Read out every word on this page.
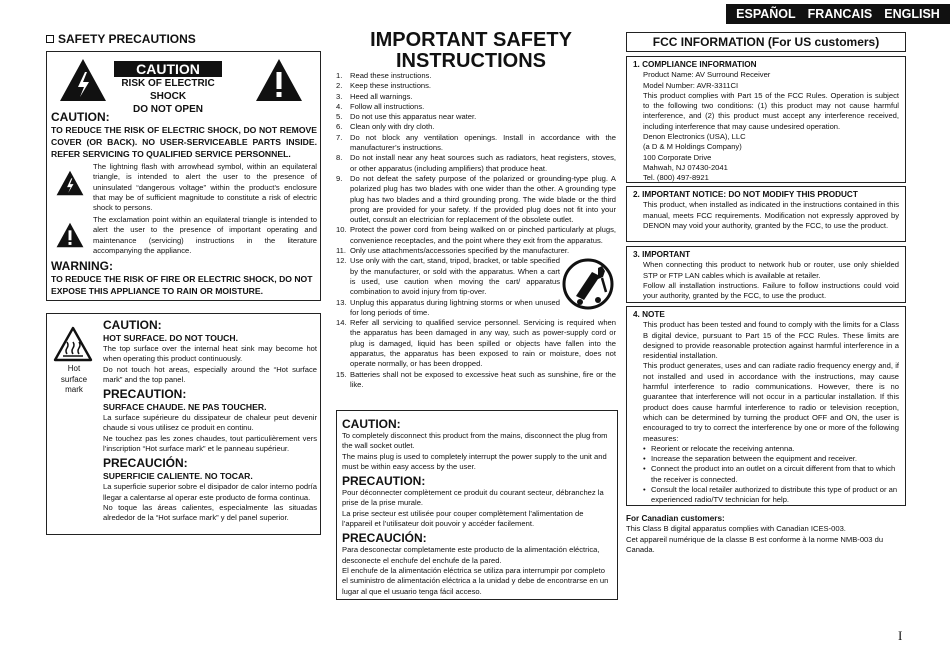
ESPAÑOL FRANCAIS ENGLISH
SAFETY PRECAUTIONS
CAUTION
RISK OF ELECTRIC SHOCK
DO NOT OPEN
CAUTION:
TO REDUCE THE RISK OF ELECTRIC SHOCK, DO NOT REMOVE COVER (OR BACK). NO USER-SERVICEABLE PARTS INSIDE. REFER SERVICING TO QUALIFIED SERVICE PERSONNEL.
The lightning flash with arrowhead symbol, within an equilateral triangle, is intended to alert the user to the presence of uninsulated “dangerous voltage” within the product’s enclosure that may be of sufficient magnitude to constitute a risk of electric shock to persons.
The exclamation point within an equilateral triangle is intended to alert the user to the presence of important operating and maintenance (servicing) instructions in the literature accompanying the appliance.
WARNING:
TO REDUCE THE RISK OF FIRE OR ELECTRIC SHOCK, DO NOT EXPOSE THIS APPLIANCE TO RAIN OR MOISTURE.
Hot
surface
mark
CAUTION:
HOT SURFACE. DO NOT TOUCH.
The top surface over the internal heat sink may become hot when operating this product continuously.
Do not touch hot areas, especially around the “Hot surface mark” and the top panel.
PRECAUTION:
SURFACE CHAUDE. NE PAS TOUCHER.
La surface supérieure du dissipateur de chaleur peut devenir chaude si vous utilisez ce produit en continu.
Ne touchez pas les zones chaudes, tout particulièrement vers l’inscription “Hot surface mark” et le panneau supérieur.
PRECAUCIÓN:
SUPERFICIE CALIENTE. NO TOCAR.
La superficie superior sobre el disipador de calor interno podría llegar a calentarse al operar este producto de forma continua.
No toque las áreas calientes, especialmente las situadas alrededor de la “Hot surface mark” y del panel superior.
IMPORTANT SAFETY
INSTRUCTIONS
1.	Read these instructions.
2.	Keep these instructions.
3.	Heed all warnings.
4.	Follow all instructions.
5.	Do not use this apparatus near water.
6.	Clean only with dry cloth.
7.	Do not block any ventilation openings. Install in accordance with the manufacturer’s instructions.
8.	Do not install near any heat sources such as radiators, heat registers, stoves, or other apparatus (including amplifiers) that produce heat.
9.	Do not defeat the safety purpose of the polarized or grounding-type plug. A polarized plug has two blades with one wider than the other. A grounding type plug has two blades and a third grounding prong. The wide blade or the third prong are provided for your safety. If the provided plug does not fit into your outlet, consult an electrician for replacement of the obsolete outlet.
10. Protect the power cord from being walked on or pinched particularly at plugs, convenience receptacles, and the point where they exit from the apparatus.
11. Only use attachments/accessories specified by the manufacturer.
12. Use only with the cart, stand, tripod, bracket, or table specified by the manufacturer, or sold with the apparatus. When a cart is used, use caution when moving the cart/ apparatus combination to avoid injury from tip-over.
13. Unplug this apparatus during lightning storms or when unused for long periods of time.
14. Refer all servicing to qualified service personnel. Servicing is required when the apparatus has been damaged in any way, such as power-supply cord or plug is damaged, liquid has been spilled or objects have fallen into the apparatus, the apparatus has been exposed to rain or moisture, does not operate normally, or has been dropped.
15. Batteries shall not be exposed to excessive heat such as sunshine, fire or the like.
CAUTION:
To completely disconnect this product from the mains, disconnect the plug from the wall socket outlet.
The mains plug is used to completely interrupt the power supply to the unit and must be within easy access by the user.
PRECAUTION:
Pour déconnecter complètement ce produit du courant secteur, débranchez la prise de la prise murale.
La prise secteur est utilisée pour couper complètement l’alimentation de l’appareil et l’utilisateur doit pouvoir y accéder facilement.
PRECAUCIÓN:
Para desconectar completamente este producto de la alimentación eléctrica, desconecte el enchufe del enchufe de la pared.
El enchufe de la alimentación eléctrica se utiliza para interrumpir por completo el suministro de alimentación eléctrica a la unidad y debe de encontrarse en un lugar al que el usuario tenga fácil acceso.
FCC INFORMATION (For US customers)
1. COMPLIANCE INFORMATION
Product Name: AV Surround Receiver
Model Number: AVR-3311CI
This product complies with Part 15 of the FCC Rules. Operation is subject to the following two conditions: (1) this product may not cause harmful interference, and (2) this product must accept any interference received, including interference that may cause undesired operation.
Denon Electronics (USA), LLC
(a D & M Holdings Company)
100 Corporate Drive
Mahwah, NJ 07430-2041
Tel. (800) 497-8921
2. IMPORTANT NOTICE: DO NOT MODIFY THIS PRODUCT
This product, when installed as indicated in the instructions contained in this manual, meets FCC requirements. Modification not expressly approved by DENON may void your authority, granted by the FCC, to use the product.
3. IMPORTANT
When connecting this product to network hub or router, use only shielded STP or FTP LAN cables which is available at retailer.
Follow all installation instructions. Failure to follow instructions could void your authority, granted by the FCC, to use the product.
4. NOTE
This product has been tested and found to comply with the limits for a Class B digital device, pursuant to Part 15 of the FCC Rules. These limits are designed to provide reasonable protection against harmful interference in a residential installation.
This product generates, uses and can radiate radio frequency energy and, if not installed and used in accordance with the instructions, may cause harmful interference to radio communications. However, there is no guarantee that interference will not occur in a particular installation. If this product does cause harmful interference to radio or television reception, which can be determined by turning the product OFF and ON, the user is encouraged to try to correct the interference by one or more of the following measures:
• Reorient or relocate the receiving antenna.
• Increase the separation between the equipment and receiver.
• Connect the product into an outlet on a circuit different from that to which the receiver is connected.
• Consult the local retailer authorized to distribute this type of product or an experienced radio/TV technician for help.
For Canadian customers:
This Class B digital apparatus complies with Canadian ICES-003.
Cet appareil numérique de la classe B est conforme à la norme NMB-003 du Canada.
I
